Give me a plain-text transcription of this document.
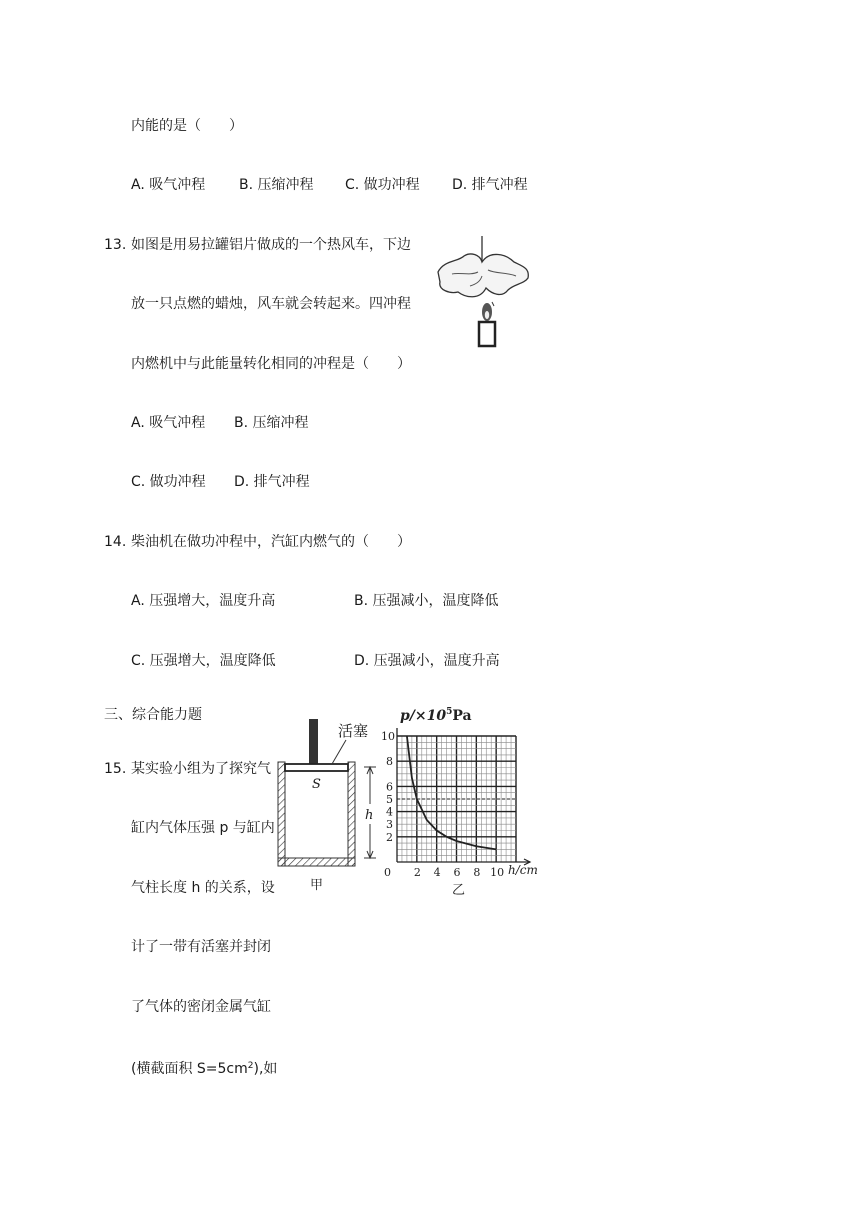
内能的是（　　）
A. 吸气冲程 B. 压缩冲程 C. 做功冲程 D. 排气冲程
13. 如图是用易拉罐铝片做成的一个热风车，下边
放一只点燃的蜡烛，风车就会转起来。四冲程
内燃机中与此能量转化相同的冲程是（　　）
A. 吸气冲程 B. 压缩冲程
C. 做功冲程 D. 排气冲程
14. 柴油机在做功冲程中，汽缸内燃气的（　　）
A. 压强增大，温度升高	B. 压强减小，温度降低
C. 压强增大，温度降低	D. 压强减小，温度升高
三、综合能力题
15. 某实验小组为了探究气
缸内气体压强 p 与缸内
气柱长度 h 的关系，设
计了一带有活塞并封闭
了气体的密闭金属气缸
(横截面积 $S=5cm^2$),如
活塞
S
h
甲
$p/\times 10^5Pa$
0 2 4 6 8 10
2
3
4
5
6
8
10
h/cm
乙
